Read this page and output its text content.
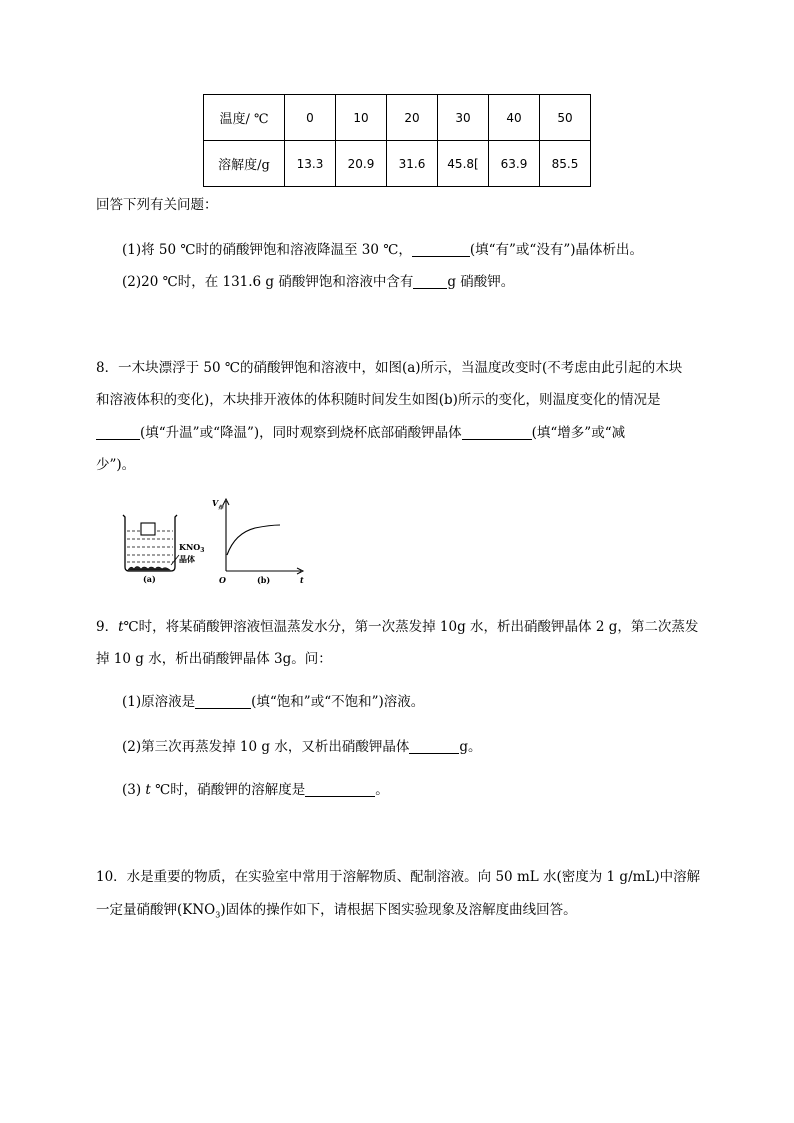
温度/ ℃	0	10	20	30	40	50
溶解度/g	13.3	20.9	31.6	45.8[	63.9	85.5
回答下列有关问题：
(1)将 50 ℃时的硝酸钾饱和溶液降温至 30 ℃，	(填“有”或“没有”)晶体析出。
(2)20 ℃时，在 131.6 g 硝酸钾饱和溶液中含有	g 硝酸钾。
8．一木块漂浮于 50 ℃的硝酸钾饱和溶液中，如图(a)所示，当温度改变时(不考虑由此引起的木块
和溶液体积的变化)，木块排开液体的体积随时间发生如图(b)所示的变化，则温度变化的情况是
(填“升温”或“降温”)，同时观察到烧杯底部硝酸钾晶体	(填“增多”或“减
少”)。
$KNO_3$
晶体
(a)
$V_排$
O	t
(b)
9．t℃时，将某硝酸钾溶液恒温蒸发水分，第一次蒸发掉 10g 水，析出硝酸钾晶体 2 g，第二次蒸发
掉 10 g 水，析出硝酸钾晶体 3g。问：
(1)原溶液是	(填“饱和”或“不饱和”)溶液。
(2)第三次再蒸发掉 10 g 水，又析出硝酸钾晶体	g。
(3) t ℃时，硝酸钾的溶解度是	。
10．水是重要的物质，在实验室中常用于溶解物质、配制溶液。向 50 mL 水(密度为 1 g/mL)中溶解
一定量硝酸钾$(KNO_3)$固体的操作如下，请根据下图实验现象及溶解度曲线回答。
